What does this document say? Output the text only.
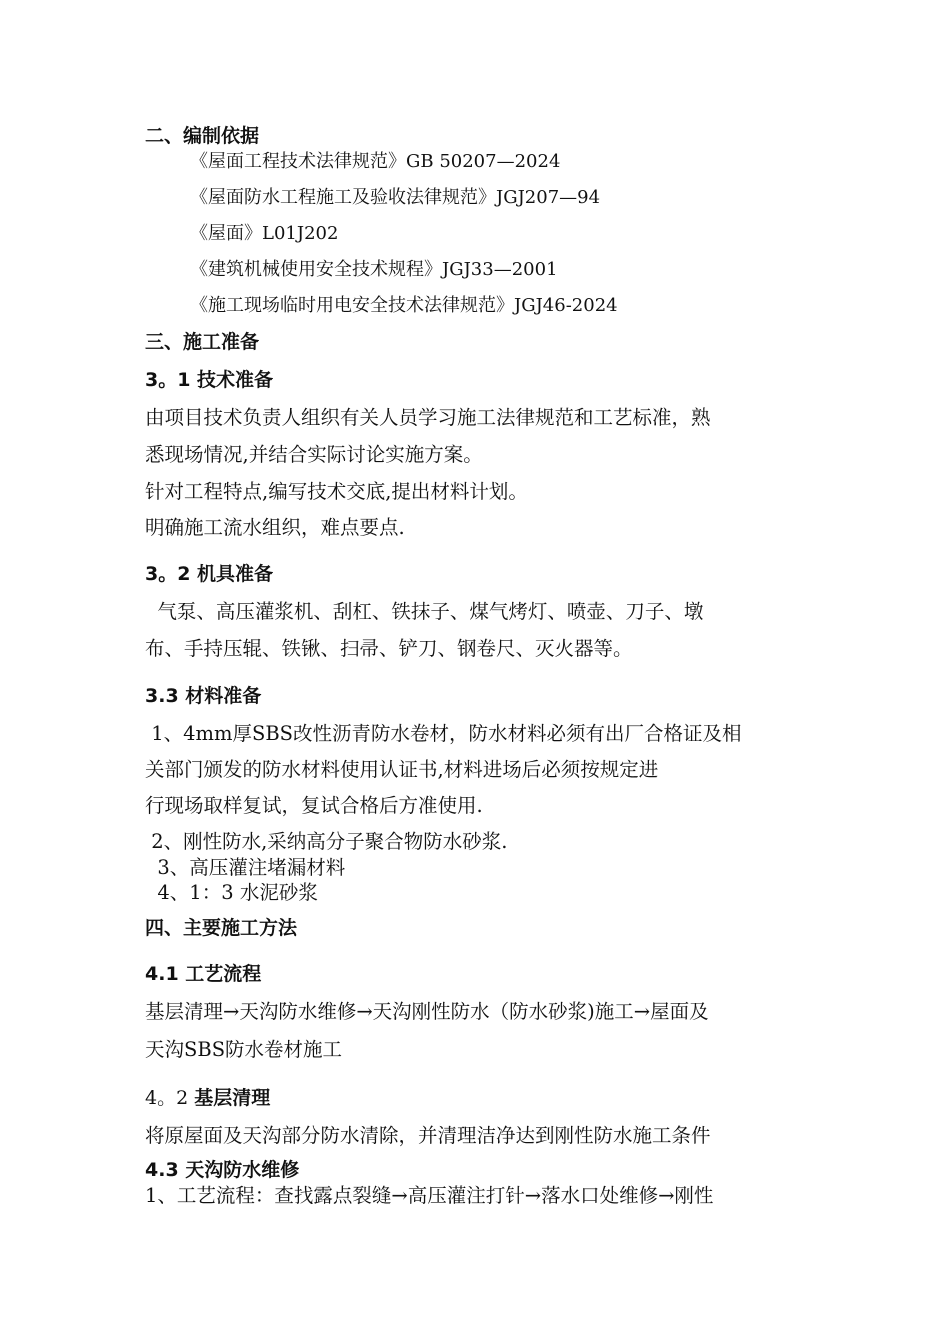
二、编制依据
《屋面工程技术法律规范》GB 50207—2024
《屋面防水工程施工及验收法律规范》JGJ207—94
《屋面》L01J202
《建筑机械使用安全技术规程》JGJ33—2001
《施工现场临时用电安全技术法律规范》JGJ46-2024
三、施工准备
3。1 技术准备
由项目技术负责人组织有关人员学习施工法律规范和工艺标准，熟
悉现场情况,并结合实际讨论实施方案。
针对工程特点,编写技术交底,提出材料计划。
明确施工流水组织，难点要点.
3。2 机具准备
气泵、高压灌浆机、刮杠、铁抹子、煤气烤灯、喷壶、刀子、墩
布、手持压辊、铁锹、扫帚、铲刀、钢卷尺、灭火器等。
3.3 材料准备
1、4mm厚SBS改性沥青防水卷材，防水材料必须有出厂合格证及相
关部门颁发的防水材料使用认证书,材料进场后必须按规定进
行现场取样复试，复试合格后方准使用.
2、刚性防水,采纳高分子聚合物防水砂浆.
3、高压灌注堵漏材料
4、1：3 水泥砂浆
四、主要施工方法
4.1 工艺流程
基层清理→天沟防水维修→天沟刚性防水（防水砂浆)施工→屋面及
天沟SBS防水卷材施工
4。2 基层清理
将原屋面及天沟部分防水清除，并清理洁净达到刚性防水施工条件
4.3 天沟防水维修
1、工艺流程：查找露点裂缝→高压灌注打针→落水口处维修→刚性
